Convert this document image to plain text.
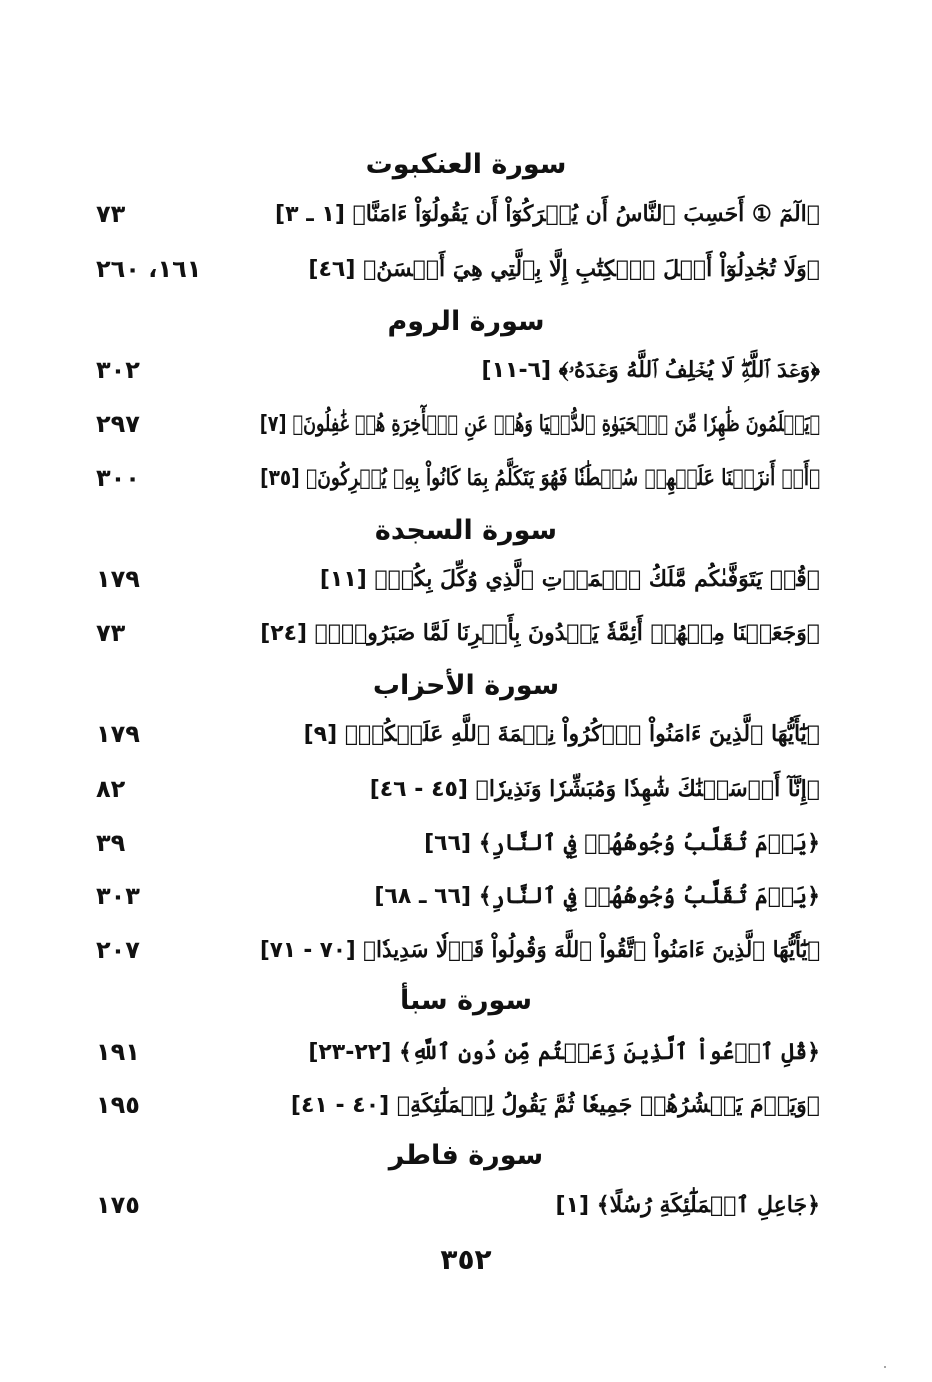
سورة العنكبوت
﴿الٓمٓ ① أَحَسِبَ ٱلنَّاسُ أَن يُتۡرَكُوٓاْ أَن يَقُولُوٓاْ ءَامَنَّا﴾ [١ ـ ٣]
٧٣
﴿وَلَا تُجَٰدِلُوٓاْ أَهۡلَ ٱلۡكِتَٰبِ إِلَّا بِٱلَّتِي هِيَ أَحۡسَنُ﴾ [٤٦]
١٦١، ٢٦٠
سورة الروم
﴿وَعۡدَ ٱللَّهِۖ لَا يُخۡلِفُ ٱللَّهُ وَعۡدَهُۥ﴾ [٦-١١]
٣٠٢
﴿يَعۡلَمُونَ ظَٰهِرٗا مِّنَ ٱلۡحَيَوٰةِ ٱلدُّنۡيَا وَهُمۡ عَنِ ٱلۡأٓخِرَةِ هُمۡ غَٰفِلُونَ﴾ [٧]
٢٩٧
﴿أَمۡ أَنزَلۡنَا عَلَيۡهِمۡ سُلۡطَٰنٗا فَهُوَ يَتَكَلَّمُ بِمَا كَانُواْ بِهِۦ يُشۡرِكُونَ﴾ [٣٥]
٣٠٠
سورة السجدة
﴿قُلۡ يَتَوَفَّىٰكُم مَّلَكُ ٱلۡمَوۡتِ ٱلَّذِي وُكِّلَ بِكُمۡ﴾ [١١]
١٧٩
﴿وَجَعَلۡنَا مِنۡهُمۡ أَئِمَّةٗ يَهۡدُونَ بِأَمۡرِنَا لَمَّا صَبَرُواْۖ﴾ [٢٤]
٧٣
سورة الأحزاب
﴿يَٰٓأَيُّهَا ٱلَّذِينَ ءَامَنُواْ ٱذۡكُرُواْ نِعۡمَةَ ٱللَّهِ عَلَيۡكُمۡ﴾ [٩]
١٧٩
﴿إِنَّآ أَرۡسَلۡنَٰكَ شَٰهِدٗا وَمُبَشِّرٗا وَنَذِيرٗا﴾ [٤٥ - ٤٦]
٨٢
﴿يَوۡمَ تُقَلَّبُ وُجُوهُهُمۡ فِي ٱلنَّارِ﴾ [٦٦]
٣٩
﴿يَوۡمَ تُقَلَّبُ وُجُوهُهُمۡ فِي ٱلنَّارِ﴾ [٦٦ ـ ٦٨]
٣٠٣
﴿يَٰٓأَيُّهَا ٱلَّذِينَ ءَامَنُواْ ٱتَّقُواْ ٱللَّهَ وَقُولُواْ قَوۡلٗا سَدِيدٗا﴾ [٧٠ - ٧١]
٢٠٧
سورة سبأ
﴿قُلِ ٱدۡعُواْ ٱلَّذِينَ زَعَمۡتُم مِّن دُونِ ٱللَّهِ﴾ [٢٢-٢٣]
١٩١
﴿وَيَوۡمَ يَحۡشُرُهُمۡ جَمِيعٗا ثُمَّ يَقُولُ لِلۡمَلَٰٓئِكَةِ﴾ [٤٠ - ٤١]
١٩٥
سورة فاطر
﴿جَاعِلِ ٱلۡمَلَٰٓئِكَةِ رُسُلًا﴾ [١]
١٧٥
٣٥٢
